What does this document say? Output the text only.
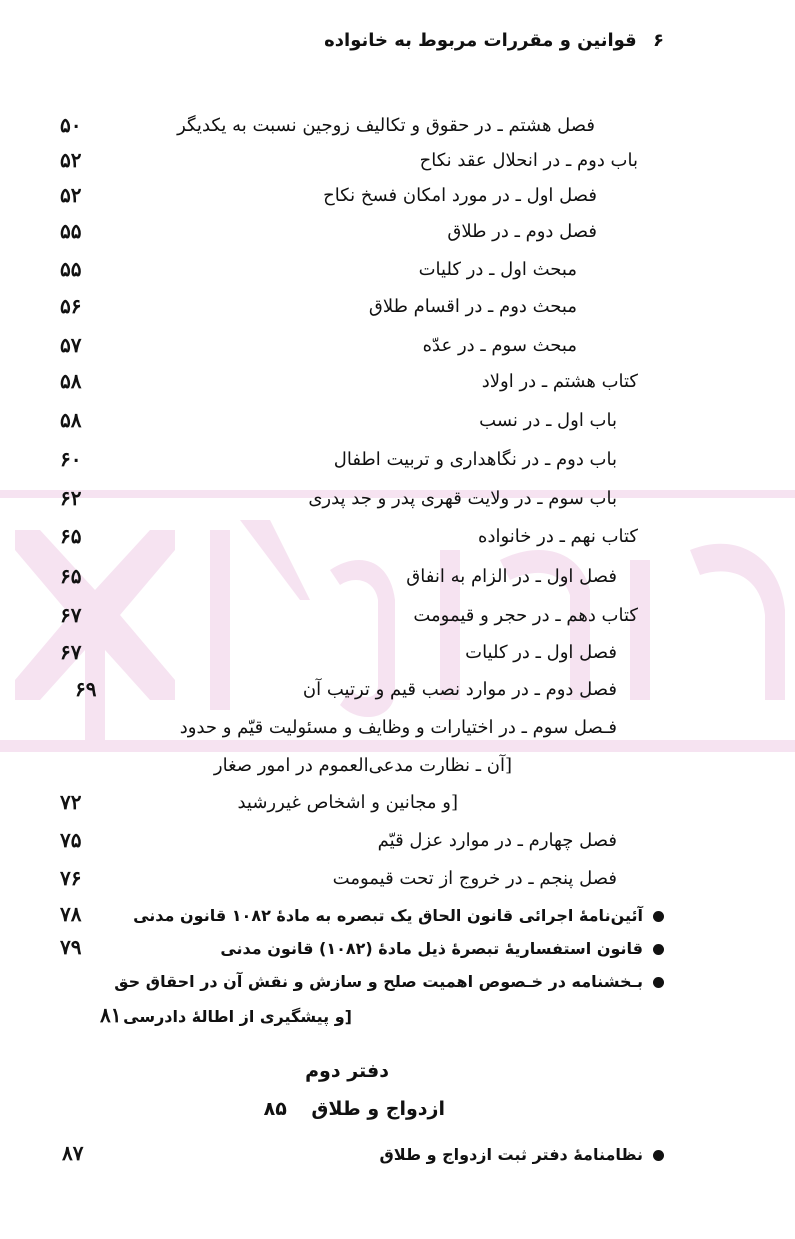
۶ قوانین و مقررات مربوط به خانواده
فصل هشتم ـ در حقوق و تکالیف زوجین نسبت به یکدیگر
۵۰
باب دوم ـ در انحلال عقد نکاح
۵۲
فصل اول ـ در مورد امکان فسخ نکاح
۵۲
فصل دوم ـ در طلاق
۵۵
مبحث اول ـ در کلیات
۵۵
مبحث دوم ـ در اقسام طلاق
۵۶
مبحث سوم ـ در عدّه
۵۷
کتاب هشتم ـ در اولاد
۵۸
باب اول ـ در نسب
۵۸
باب دوم ـ در نگاهداری و تربیت اطفال
۶۰
باب سوم ـ در ولایت قهری پدر و جد پدری
۶۲
کتاب نهم ـ در خانواده
۶۵
فصل اول ـ در الزام به انفاق
۶۵
کتاب دهم ـ در حجر و قیمومت
۶۷
فصل اول ـ در کلیات
۶۷
فصل دوم ـ در موارد نصب قیم و ترتیب آن
۶۹
فـصل سوم ـ در اختیارات و وظایف و مسئولیت قیّم و حدود
[آن ـ نظارت مدعی‌العموم در امور صغار
[و مجانین و اشخاص غیررشید
۷۲
فصل چهارم ـ در موارد عزل قیّم
۷۵
فصل پنجم ـ در خروج از تحت قیمومت
۷۶
آئین‌نامهٔ اجرائی قانون الحاق یک تبصره به مادهٔ ۱۰۸۲ قانون مدنی
۷۸
قانون استفساریهٔ تبصرهٔ ذیل مادهٔ (۱۰۸۲) قانون مدنی
۷۹
بـخشنامه در خـصوص اهمیت صلح و سازش و نقش آن در احقاق حق
[و پیشگیری از اطالهٔ دادرسی
۸۱
دفتر دوم
ازدواج و طلاق ۸۵
نظامنامهٔ دفتر ثبت ازدواج و طلاق
۸۷
